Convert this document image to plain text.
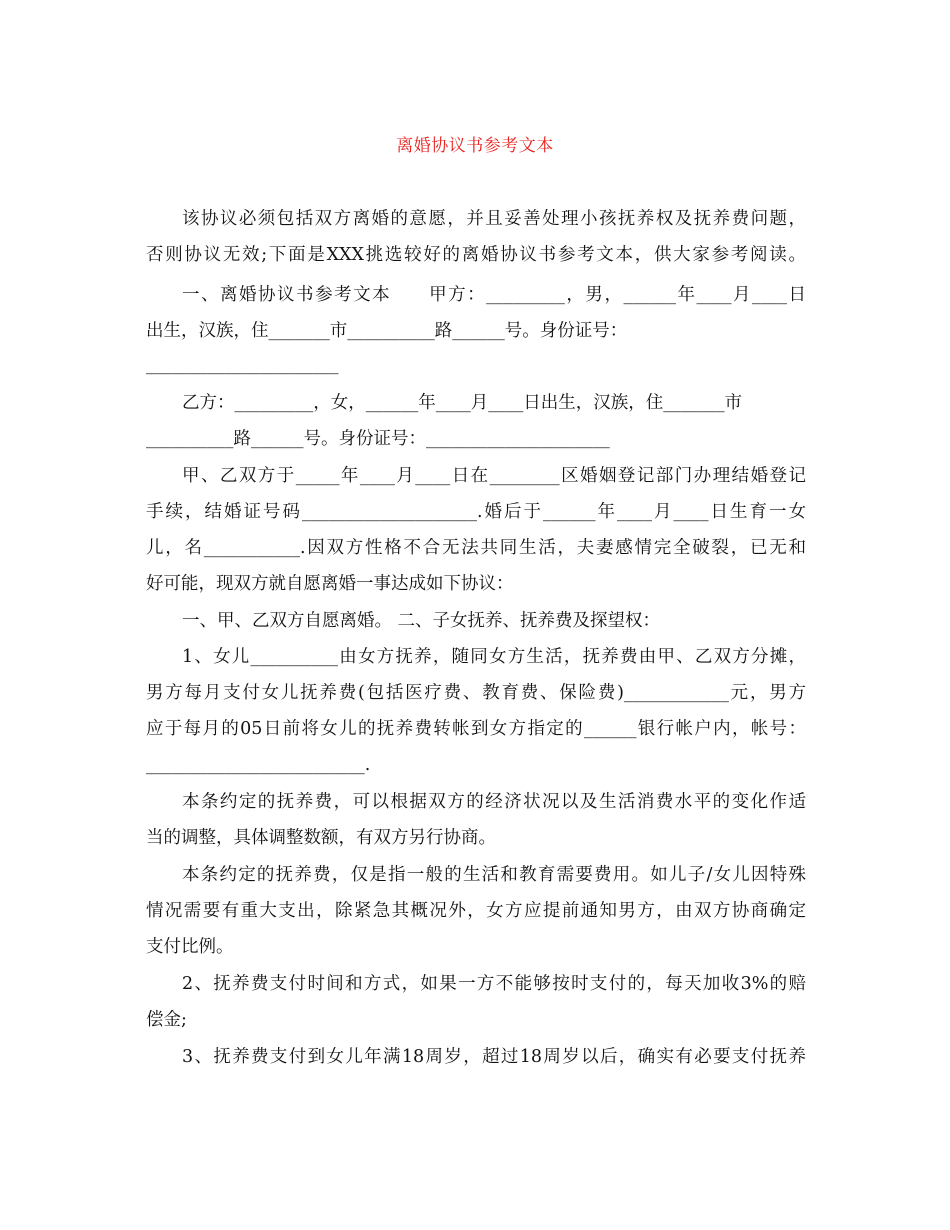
离婚协议书参考文本
该协议必须包括双方离婚的意愿，并且妥善处理小孩抚养权及抚养费问题，
否则协议无效;下面是XXX挑选较好的离婚协议书参考文本，供大家参考阅读。
一、离婚协议书参考文本　　甲方：_________，男，______年____月____日
出生，汉族，住_______市__________路______号。身份证号：
______________________
乙方：_________，女，______年____月____日出生，汉族，住_______市
__________路______号。身份证号：_____________________
甲、乙双方于_____年____月____日在________区婚姻登记部门办理结婚登记
手续，结婚证号码____________________.婚后于______年____月____日生育一女
儿，名___________.因双方性格不合无法共同生活，夫妻感情完全破裂，已无和
好可能，现双方就自愿离婚一事达成如下协议：
一、甲、乙双方自愿离婚。 二、子女抚养、抚养费及探望权：
1、女儿__________由女方抚养，随同女方生活，抚养费由甲、乙双方分摊，
男方每月支付女儿抚养费(包括医疗费、教育费、保险费)____________元，男方
应于每月的05日前将女儿的抚养费转帐到女方指定的______银行帐户内，帐号：
_________________________.
本条约定的抚养费，可以根据双方的经济状况以及生活消费水平的变化作适
当的调整，具体调整数额，有双方另行协商。
本条约定的抚养费，仅是指一般的生活和教育需要费用。如儿子/女儿因特殊
情况需要有重大支出，除紧急其概况外，女方应提前通知男方，由双方协商确定
支付比例。
2、抚养费支付时间和方式，如果一方不能够按时支付的，每天加收3%的赔
偿金;
3、抚养费支付到女儿年满18周岁，超过18周岁以后，确实有必要支付抚养
